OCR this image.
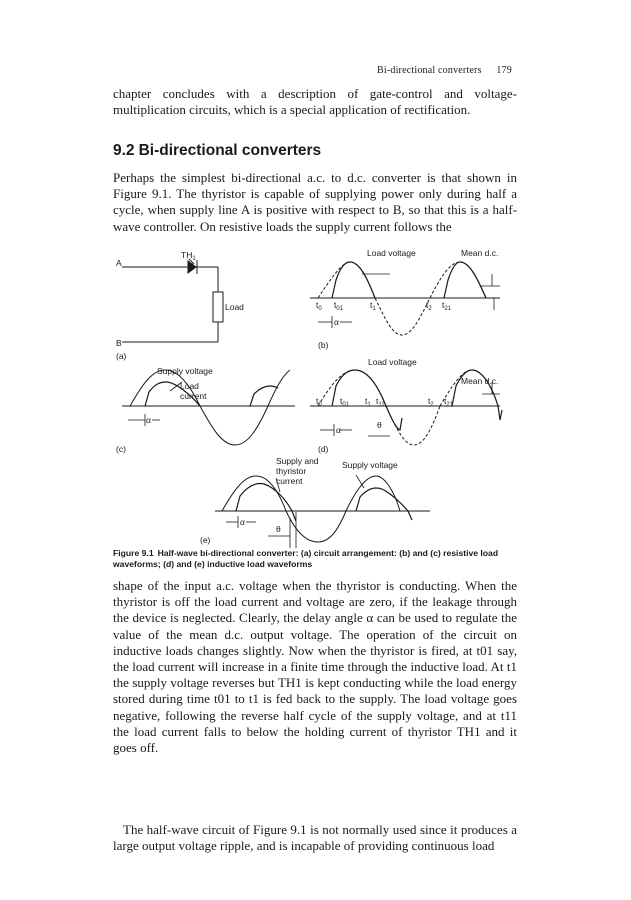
Bi-directional converters 179

chapter concludes with a description of gate-control and voltage-multiplication circuits, which is a special application of rectification.

9.2 Bi-directional converters

Perhaps the simplest bi-directional a.c. to d.c. converter is that shown in Figure 9.1. The thyristor is capable of supplying power only during half a cycle, when supply line A is positive with respect to B, so that this is a half-wave controller. On resistive loads the supply current follows the

A
B
$TH_1$
Load
(a)
Load voltage	Mean d.c.
$t_0$ $t_{01}$	$t_1$	$t_2$ $t_{21}$
α
(b)
Supply voltage
Load
current
α
(c)
Load voltage
Mean d.c.
$t_0$ $t_{01}$ $t_1$ $t_{11}$	$t_2$ $t_{21}$
α	θ
(d)
Supply and
thyristor
current
Supply voltage
α
θ
(e)
Figure 9.1 Half-wave bi-directional converter: (a) circuit arrangement: (b) and (c) resistive load waveforms; (d) and (e) inductive load waveforms

shape of the input a.c. voltage when the thyristor is conducting. When the thyristor is off the load current and voltage are zero, if the leakage through the device is neglected. Clearly, the delay angle α can be used to regulate the value of the mean d.c. output voltage. The operation of the circuit on inductive loads changes slightly. Now when the thyristor is fired, at t01 say, the load current will increase in a finite time through the inductive load. At t1 the supply voltage reverses but TH1 is kept conducting while the load energy stored during time t01 to t1 is fed back to the supply. The load voltage goes negative, following the reverse half cycle of the supply voltage, and at t11 the load current falls to below the holding current of thyristor TH1 and it goes off.

The half-wave circuit of Figure 9.1 is not normally used since it produces a large output voltage ripple, and is incapable of providing continuous load
